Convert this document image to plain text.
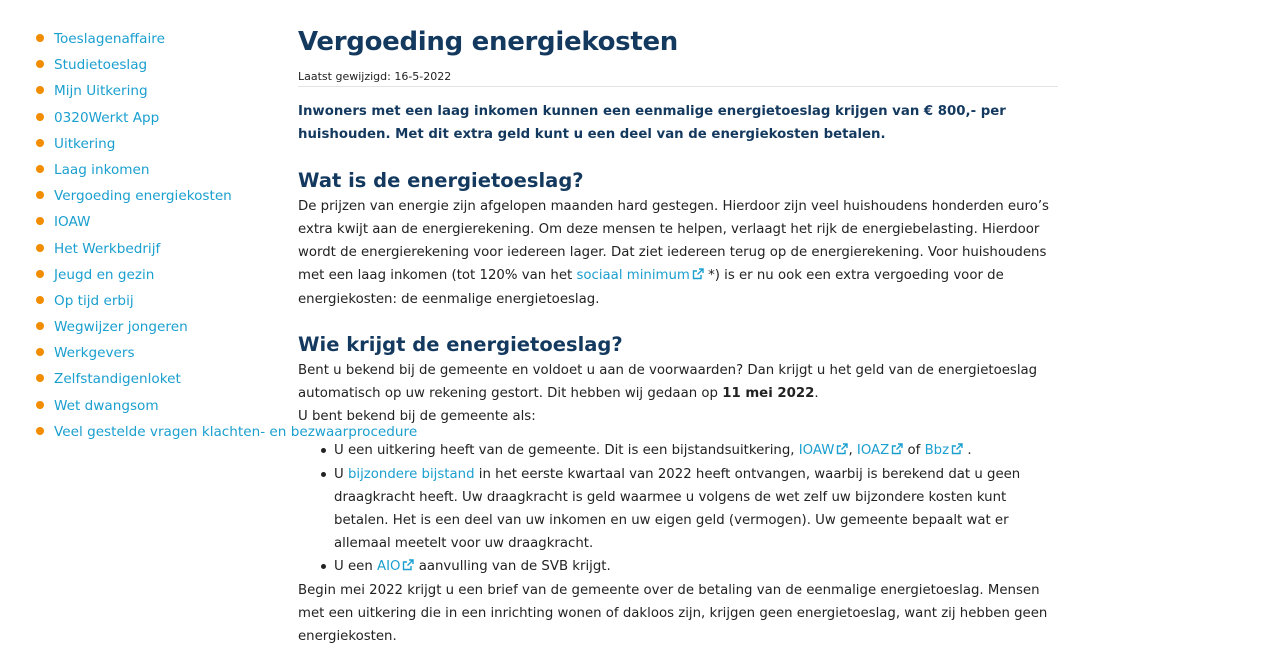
Toeslagenaffaire
Studietoeslag
Mijn Uitkering
0320Werkt App
Uitkering
Laag inkomen
Vergoeding energiekosten
IOAW
Het Werkbedrijf
Jeugd en gezin
Op tijd erbij
Wegwijzer jongeren
Werkgevers
Zelfstandigenloket
Wet dwangsom
Veel gestelde vragen klachten- en bezwaarprocedure
Vergoeding energiekosten
Laatst gewijzigd: 16-5-2022
Inwoners met een laag inkomen kunnen een eenmalige energietoeslag krijgen van € 800,- per huishouden. Met dit extra geld kunt u een deel van de energiekosten betalen.
Wat is de energietoeslag?

De prijzen van energie zijn afgelopen maanden hard gestegen. Hierdoor zijn veel huishoudens honderden euro’s extra kwijt aan de energierekening. Om deze mensen te helpen, verlaagt het rijk de energiebelasting. Hierdoor wordt de energierekening voor iedereen lager. Dat ziet iedereen terug op de energierekening. Voor huishoudens met een laag inkomen (tot 120% van het sociaal minimum *) is er nu ook een extra vergoeding voor de energiekosten: de eenmalige energietoeslag.

Wie krijgt de energietoeslag?

Bent u bekend bij de gemeente en voldoet u aan de voorwaarden? Dan krijgt u het geld van de energietoeslag automatisch op uw rekening gestort. Dit hebben wij gedaan op 11 mei 2022.

U bent bekend bij de gemeente als:

U een uitkering heeft van de gemeente. Dit is een bijstandsuitkering, IOAW , IOAZ of Bbz .
U bijzondere bijstand in het eerste kwartaal van 2022 heeft ontvangen, waarbij is berekend dat u geen draagkracht heeft. Uw draagkracht is geld waarmee u volgens de wet zelf uw bijzondere kosten kunt betalen. Het is een deel van uw inkomen en uw eigen geld (vermogen). Uw gemeente bepaalt wat er allemaal meetelt voor uw draagkracht.
U een AIO aanvulling van de SVB krijgt.

Begin mei 2022 krijgt u een brief van de gemeente over de betaling van de eenmalige energietoeslag. Mensen met een uitkering die in een inrichting wonen of dakloos zijn, krijgen geen energietoeslag, want zij hebben geen energiekosten.
